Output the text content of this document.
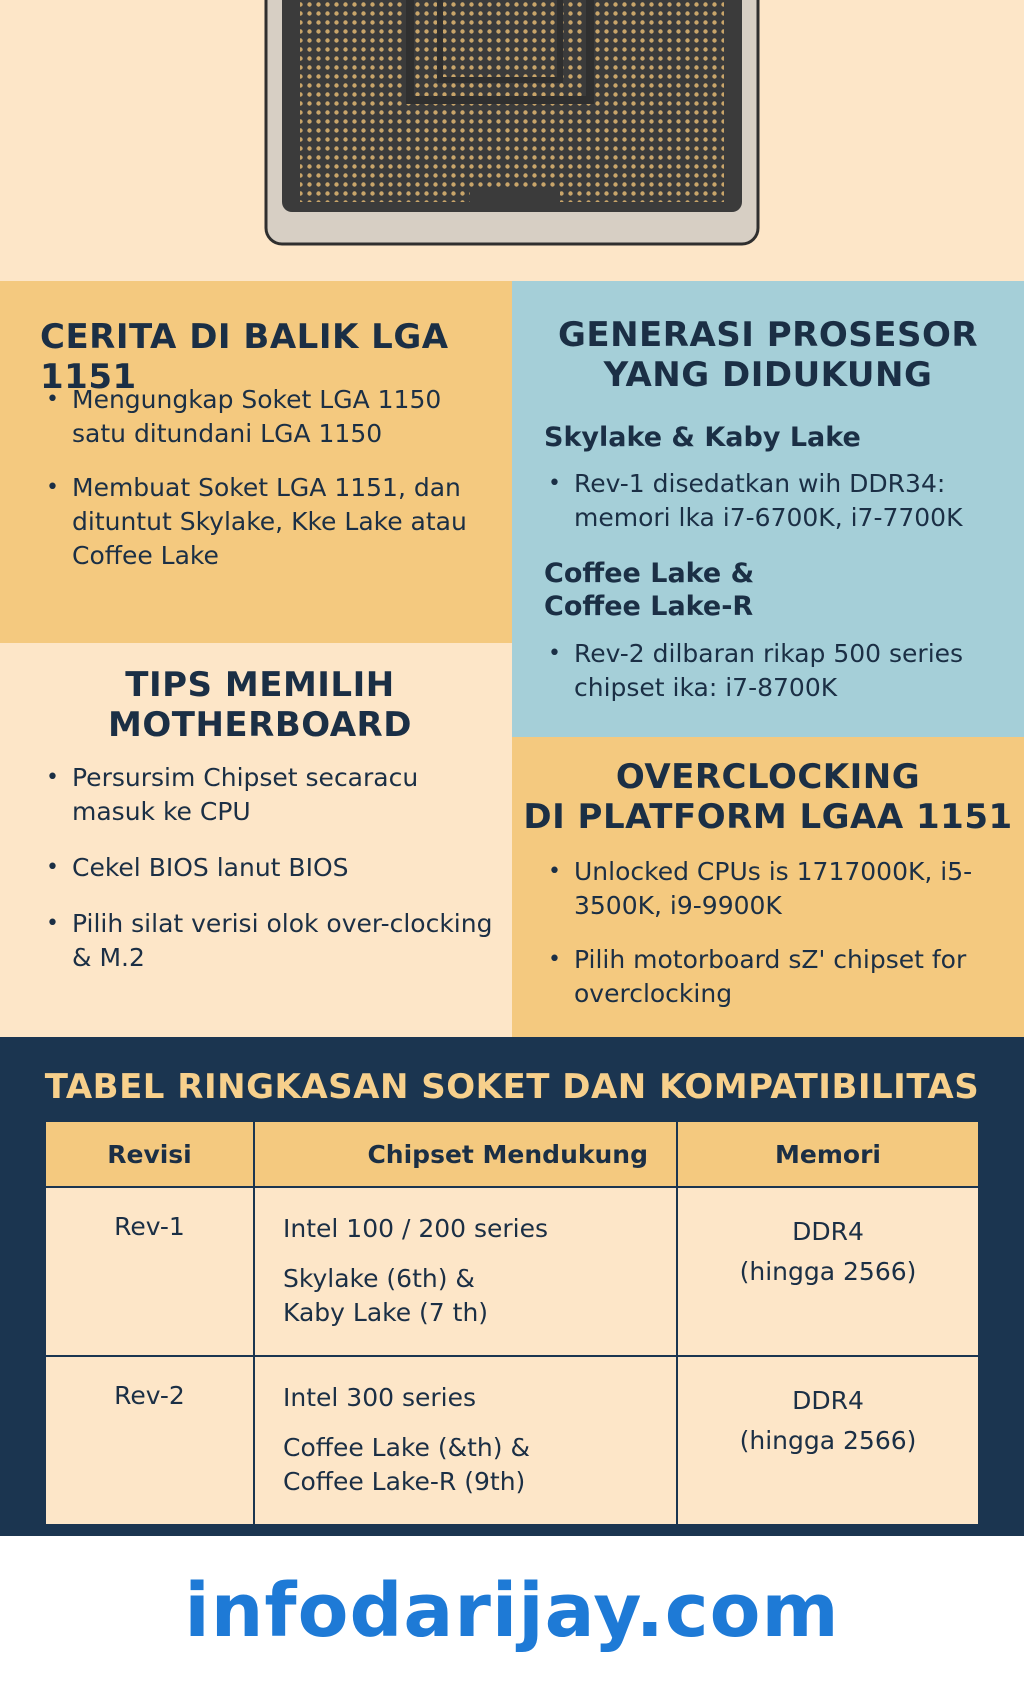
CERITA DI BALIK LGA 1151
• Mengungkap Soket LGA 1150 satu ditundani LGA 1150
• Membuat Soket LGA 1151, dan dituntut Skylake, Kke Lake atau Coffee Lake
GENERASI PROSESOR
YANG DIDUKUNG
Skylake & Kaby Lake
• Rev-1 disedatkan wih DDR34: memori lka i7-6700K, i7-7700K
Coffee Lake &
Coffee Lake-R
• Rev-2 dilbaran rikap 500 series chipset ika: i7-8700K
TIPS MEMILIH
MOTHERBOARD
• Persursim Chipset secaracu masuk ke CPU
• Cekel BIOS lanut BIOS
• Pilih silat verisi olok over-clocking & M.2
OVERCLOCKING
DI PLATFORM LGAA 1151
• Unlocked CPUs is 1717000K, i5-3500K, i9-9900K
• Pilih motorboard sZ' chipset for overclocking
TABEL RINGKASAN SOKET DAN KOMPATIBILITAS
Revisi	Chipset Mendukung	Memori
Rev-1	Intel 100 / 200 series
Skylake (6th) &
Kaby Lake (7 th)	DDR4
(hingga 2566)
Rev-2	Intel 300 series
Coffee Lake (&th) &
Coffee Lake-R (9th)	DDR4
(hingga 2566)
infodarijay.com
